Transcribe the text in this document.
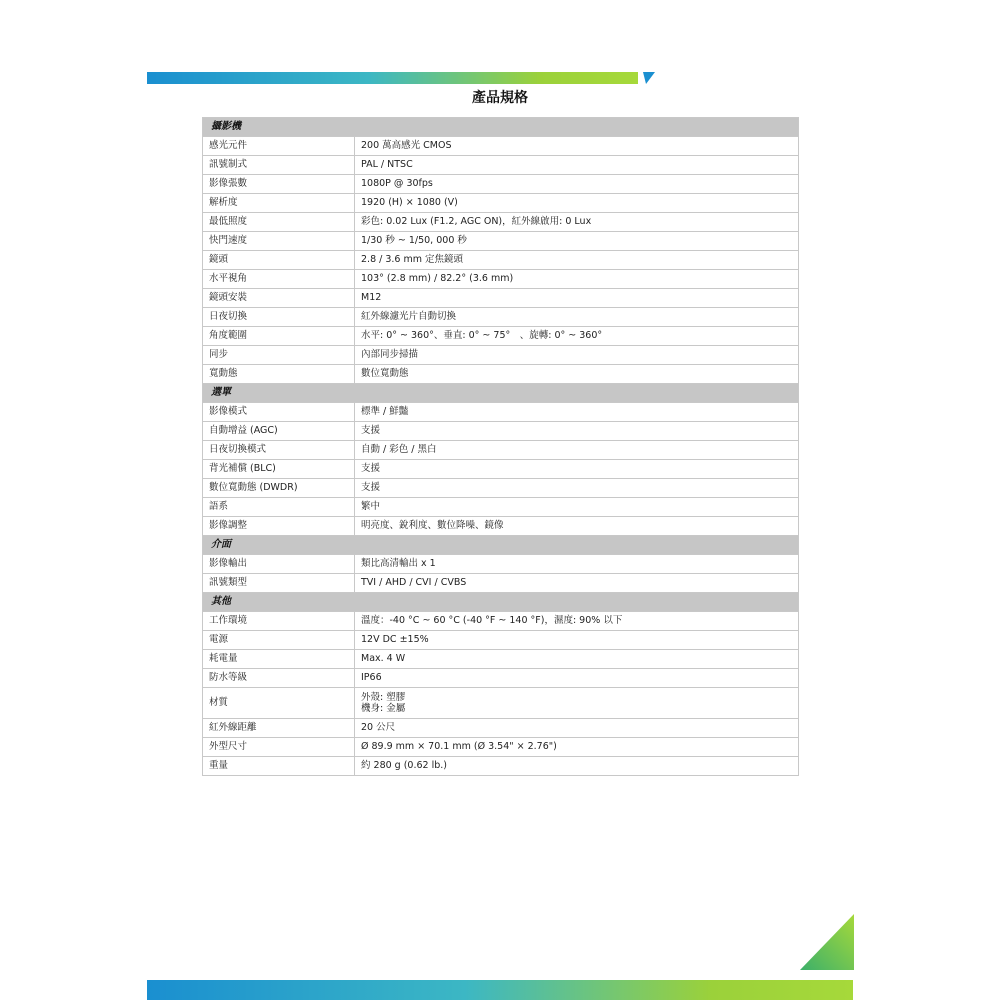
產品規格
攝影機	
感光元件	200 萬高感光 CMOS
訊號制式	PAL / NTSC
影像張數	1080P @ 30fps
解析度	1920 (H) × 1080 (V)
最低照度	彩色: 0.02 Lux (F1.2, AGC ON)，紅外線啟用: 0 Lux
快門速度	1/30 秒 ~ 1/50, 000 秒
鏡頭	2.8 / 3.6 mm 定焦鏡頭
水平視角	103° (2.8 mm) / 82.2° (3.6 mm)
鏡頭安裝	M12
日夜切換	紅外線濾光片自動切換
角度範圍	水平: 0° ~ 360°、垂直: 0° ~ 75°　、旋轉: 0° ~ 360°
同步	內部同步掃描
寬動態	數位寬動態
選單	
影像模式	標準 / 鮮豔
自動增益 (AGC)	支援
日夜切換模式	自動 / 彩色 / 黑白
背光補償 (BLC)	支援
數位寬動態 (DWDR)	支援
語系	繁中
影像調整	明亮度、銳利度、數位降噪、鏡像
介面	
影像輸出	類比高清輸出 x 1
訊號類型	TVI / AHD / CVI / CVBS
其他	
工作環境	溫度：-40 °C ~ 60 °C (-40 °F ~ 140 °F)，濕度: 90% 以下
電源	12V DC ±15%
耗電量	Max. 4 W
防水等級	IP66
材質	外殼: 塑膠
機身: 金屬

紅外線距離	20 公尺
外型尺寸	Ø 89.9 mm × 70.1 mm (Ø 3.54" × 2.76")
重量	約 280 g (0.62 lb.)
